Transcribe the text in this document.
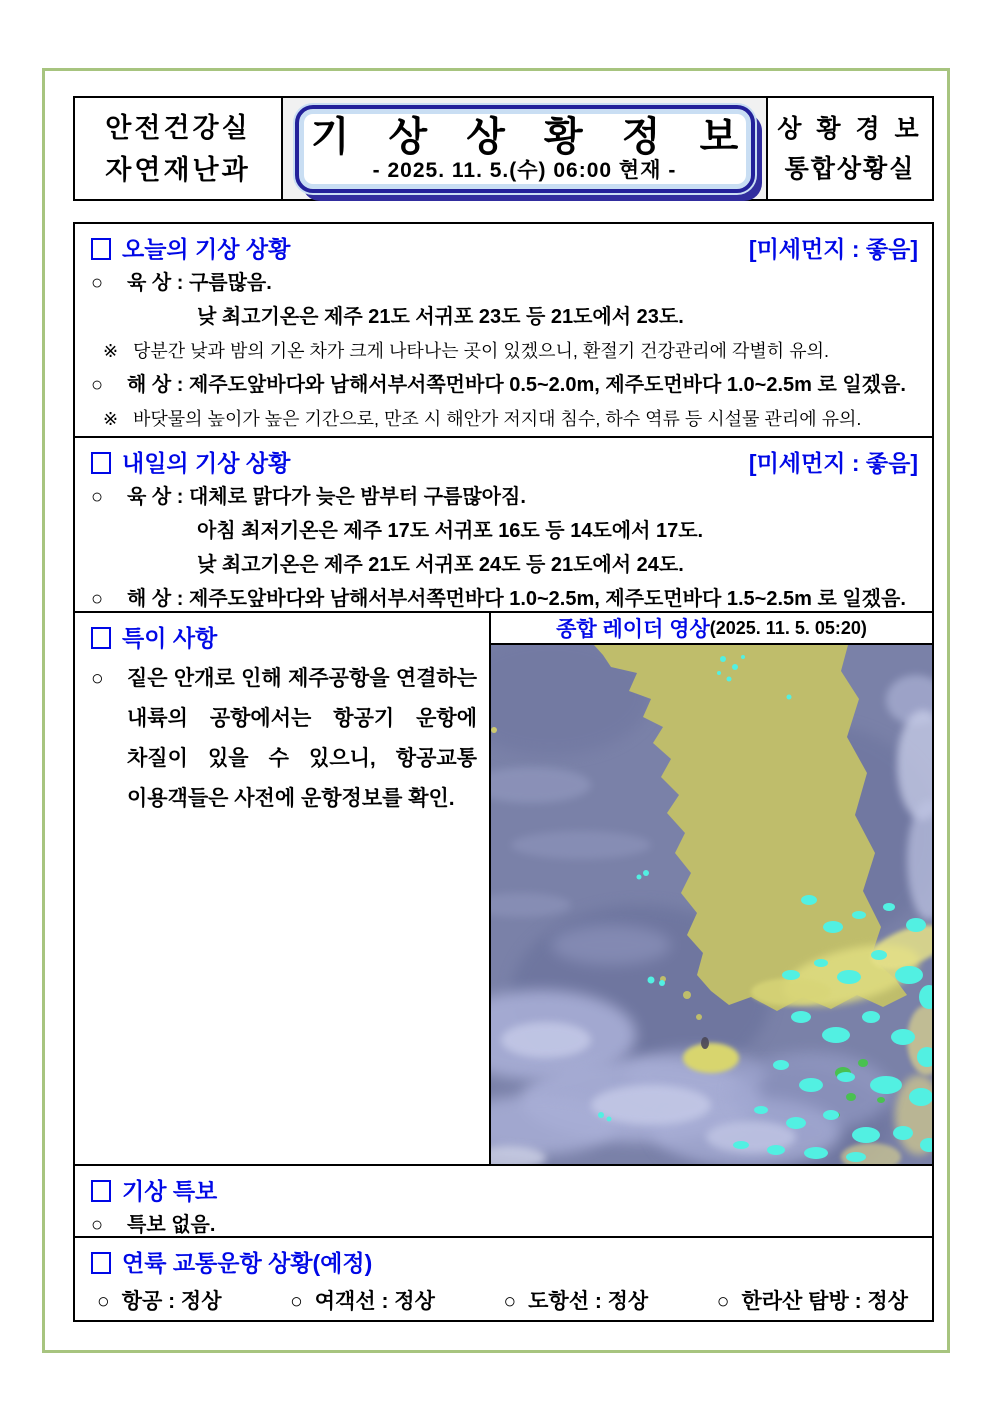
안전건강실
자연재난과
기 상 상 황 정 보
- 2025. 11. 5.(수) 06:00 현재 -
상 황 경 보
통합상황실
오늘의 기상 상황	[미세먼지 : 좋음]
○	육 상 : 구름많음.
낮 최고기온은 제주 21도 서귀포 23도 등 21도에서 23도.
※ 당분간 낮과 밤의 기온 차가 크게 나타나는 곳이 있겠으니, 환절기 건강관리에 각별히 유의.
○	해 상 : 제주도앞바다와 남해서부서쪽먼바다 0.5~2.0m, 제주도먼바다 1.0~2.5m 로 일겠음.
※ 바닷물의 높이가 높은 기간으로, 만조 시 해안가 저지대 침수, 하수 역류 등 시설물 관리에 유의.
내일의 기상 상황	[미세먼지 : 좋음]
○	육 상 : 대체로 맑다가 늦은 밤부터 구름많아짐.
아침 최저기온은 제주 17도 서귀포 16도 등 14도에서 17도.
낮 최고기온은 제주 21도 서귀포 24도 등 21도에서 24도.
○	해 상 : 제주도앞바다와 남해서부서쪽먼바다 1.0~2.5m, 제주도먼바다 1.5~2.5m 로 일겠음.
특이 사항
○	짙은 안개로 인해 제주공항을 연결하는 내륙의 공항에서는 항공기 운항에 차질이 있을 수 있으니, 항공교통 이용객들은 사전에 운항정보를 확인.
종합 레이더 영상 (2025. 11. 5. 05:20)
기상 특보
○	특보 없음.
연륙 교통운항 상황(예정)
○ 항공 : 정상	○ 여객선 : 정상	○ 도항선 : 정상	○ 한라산 탐방 : 정상
